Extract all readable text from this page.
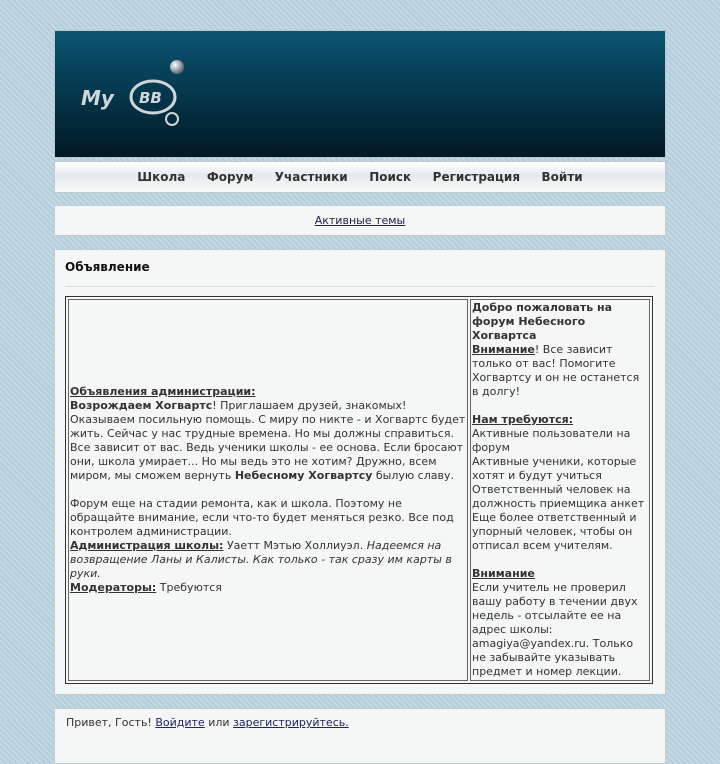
My BB
Школа Форум Участники Поиск Регистрация Войти
Активные темы
Объявление
Объявления администрации:
Возрождаем Хогвартс! Приглашаем друзей, знакомых! Оказываем посильную помощь. С миру по никте - и Хогвартс будет жить. Сейчас у нас трудные времена. Но мы должны справиться. Все зависит от вас. Ведь ученики школы - ее основа. Если бросают они, школа умирает... Но мы ведь это не хотим? Дружно, всем миром, мы сможем вернуть Небесному Хогвартсу былую славу.

Форум еще на стадии ремонта, как и школа. Поэтому не обращайте внимание, если что-то будет меняться резко. Все под контролем администрации.
Администрация школы: Уаетт Мэтью Холлиуэл. Надеемся на возвращение Ланы и Калисты. Как только - так сразу им карты в руки.
Модераторы: Требуются	Добро пожаловать на форум Небесного Хогвартса
Внимание! Все зависит только от вас! Помогите Хогвартсу и он не останется в долгу!

Нам требуются:
Активные пользователи на форум
Активные ученики, которые хотят и будут учиться
Ответственный человек на должность приемщика анкет
Еще более ответственный и упорный человек, чтобы он отписал всем учителям.

Внимание
Если учитель не проверил вашу работу в течении двух недель - отсылайте ее на адрес школы: amagiya@yandex.ru. Только не забывайте указывать предмет и номер лекции.
Привет, Гость! Войдите или зарегистрируйтесь.
